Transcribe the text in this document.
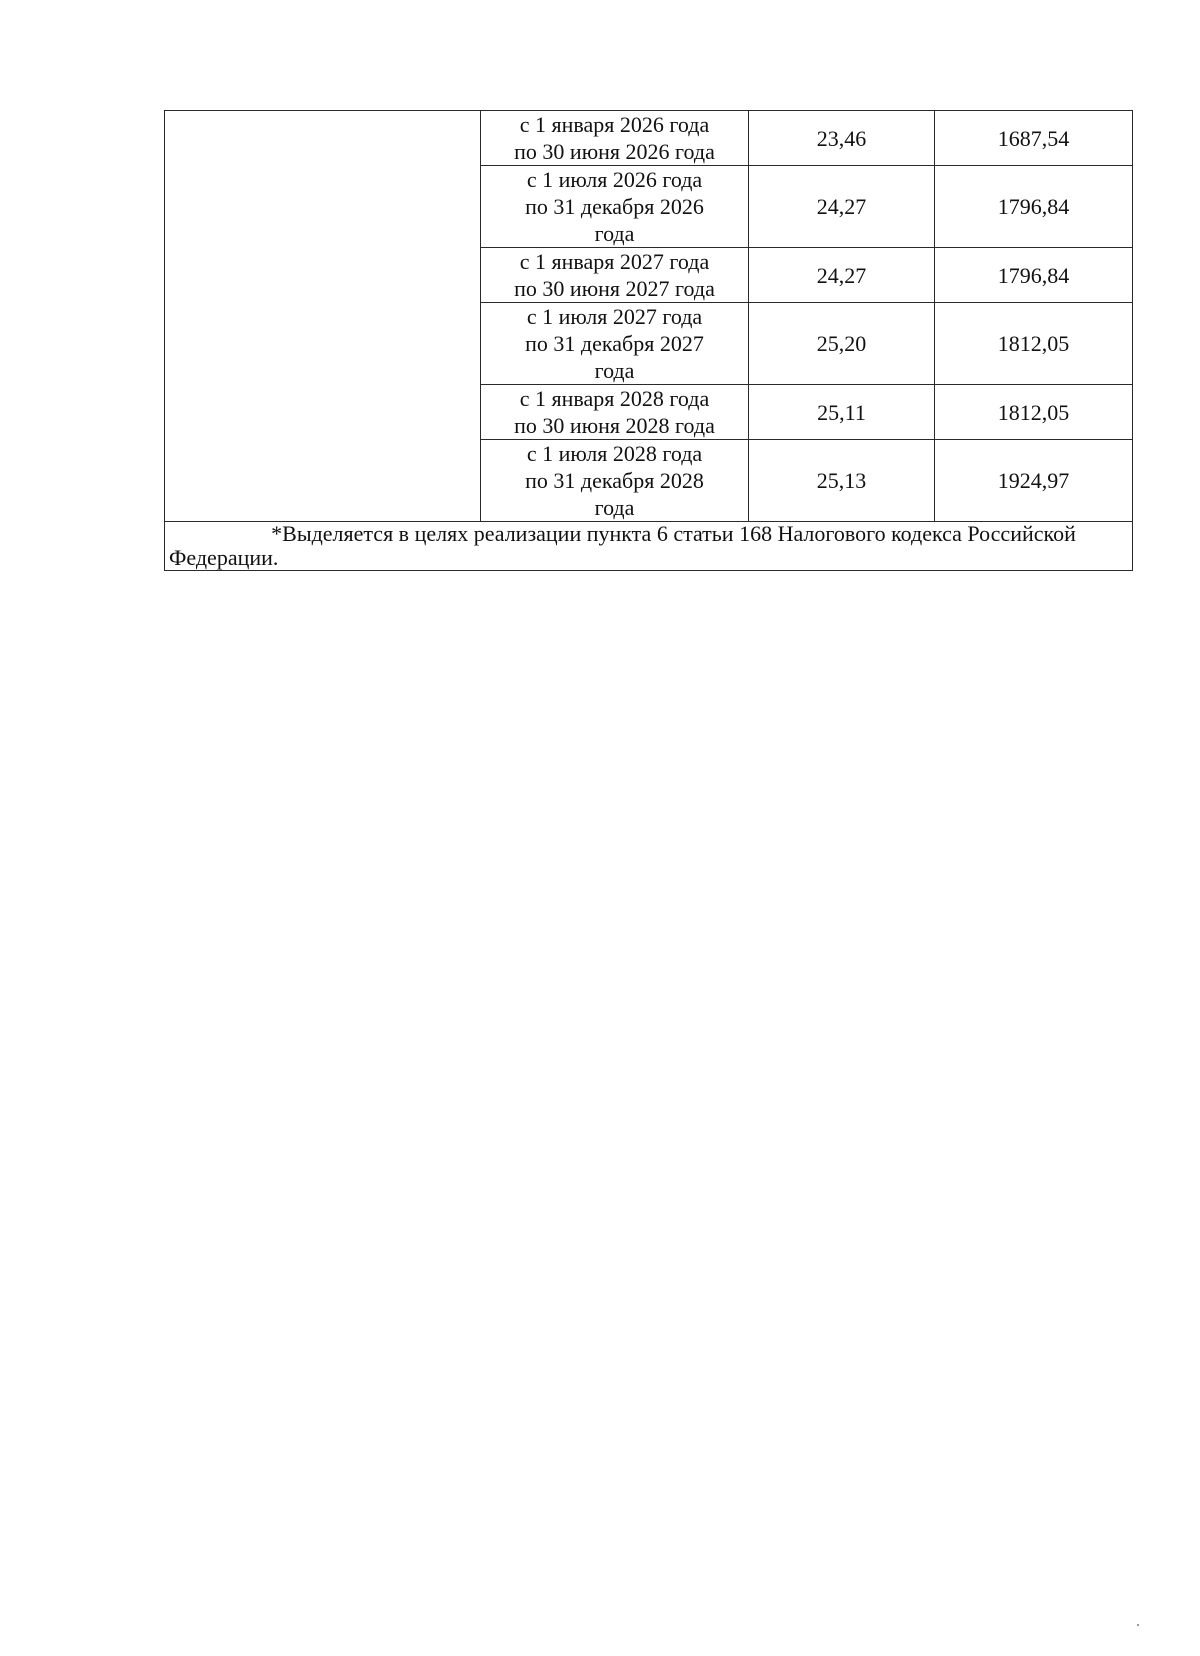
	с 1 января 2026 года
по 30 июня 2026 года	23,46	1687,54

	с 1 июля 2026 года
по 31 декабря 2026
года	24,27	1796,84

	с 1 января 2027 года
по 30 июня 2027 года	24,27	1796,84

	с 1 июля 2027 года
по 31 декабря 2027
года	25,20	1812,05

	с 1 января 2028 года
по 30 июня 2028 года	25,11	1812,05

	с 1 июля 2028 года
по 31 декабря 2028
года	25,13	1924,97

*Выделяется в целях реализации пункта 6 статьи 168 Налогового кодекса Российской Федерации.			
